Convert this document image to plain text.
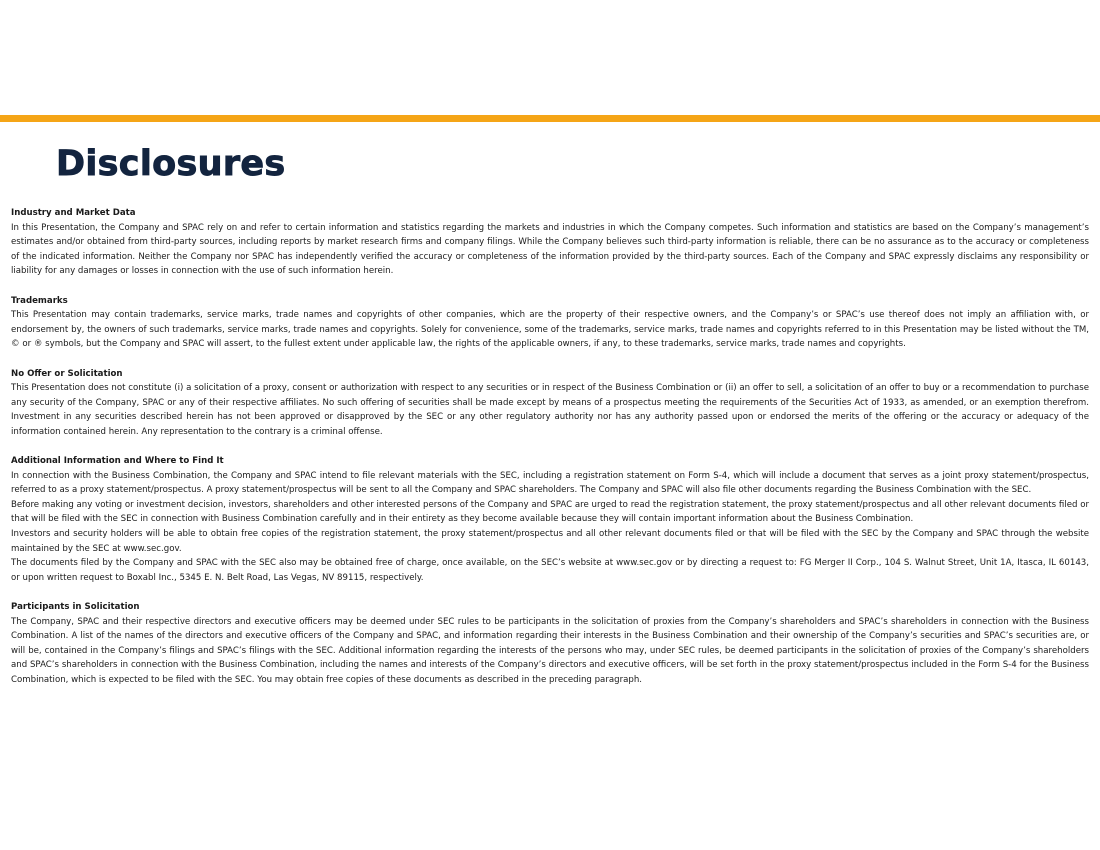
Disclosures

Industry and Market Data

In this Presentation, the Company and SPAC rely on and refer to certain information and statistics regarding the markets and industries in which the Company competes. Such information and statistics are based on the Company’s management’s estimates and/or obtained from third-party sources, including reports by market research firms and company filings. While the Company believes such third-party information is reliable, there can be no assurance as to the accuracy or completeness of the indicated information. Neither the Company nor SPAC has independently verified the accuracy or completeness of the information provided by the third-party sources. Each of the Company and SPAC expressly disclaims any responsibility or liability for any damages or losses in connection with the use of such information herein.

Trademarks

This Presentation may contain trademarks, service marks, trade names and copyrights of other companies, which are the property of their respective owners, and the Company’s or SPAC’s use thereof does not imply an affiliation with, or endorsement by, the owners of such trademarks, service marks, trade names and copyrights. Solely for convenience, some of the trademarks, service marks, trade names and copyrights referred to in this Presentation may be listed without the TM, © or ® symbols, but the Company and SPAC will assert, to the fullest extent under applicable law, the rights of the applicable owners, if any, to these trademarks, service marks, trade names and copyrights.

No Offer or Solicitation

This Presentation does not constitute (i) a solicitation of a proxy, consent or authorization with respect to any securities or in respect of the Business Combination or (ii) an offer to sell, a solicitation of an offer to buy or a recommendation to purchase any security of the Company, SPAC or any of their respective affiliates. No such offering of securities shall be made except by means of a prospectus meeting the requirements of the Securities Act of 1933, as amended, or an exemption therefrom. Investment in any securities described herein has not been approved or disapproved by the SEC or any other regulatory authority nor has any authority passed upon or endorsed the merits of the offering or the accuracy or adequacy of the information contained herein. Any representation to the contrary is a criminal offense.

Additional Information and Where to Find It

In connection with the Business Combination, the Company and SPAC intend to file relevant materials with the SEC, including a registration statement on Form S-4, which will include a document that serves as a joint proxy statement/prospectus, referred to as a proxy statement/prospectus. A proxy statement/prospectus will be sent to all the Company and SPAC shareholders. The Company and SPAC will also file other documents regarding the Business Combination with the SEC.

Before making any voting or investment decision, investors, shareholders and other interested persons of the Company and SPAC are urged to read the registration statement, the proxy statement/prospectus and all other relevant documents filed or that will be filed with the SEC in connection with Business Combination carefully and in their entirety as they become available because they will contain important information about the Business Combination.

Investors and security holders will be able to obtain free copies of the registration statement, the proxy statement/prospectus and all other relevant documents filed or that will be filed with the SEC by the Company and SPAC through the website maintained by the SEC at www.sec.gov.

The documents filed by the Company and SPAC with the SEC also may be obtained free of charge, once available, on the SEC’s website at www.sec.gov or by directing a request to: FG Merger II Corp., 104 S. Walnut Street, Unit 1A, Itasca, IL 60143, or upon written request to Boxabl Inc., 5345 E. N. Belt Road, Las Vegas, NV 89115, respectively.

Participants in Solicitation

The Company, SPAC and their respective directors and executive officers may be deemed under SEC rules to be participants in the solicitation of proxies from the Company’s shareholders and SPAC’s shareholders in connection with the Business Combination. A list of the names of the directors and executive officers of the Company and SPAC, and information regarding their interests in the Business Combination and their ownership of the Company’s securities and SPAC’s securities are, or will be, contained in the Company’s filings and SPAC’s filings with the SEC. Additional information regarding the interests of the persons who may, under SEC rules, be deemed participants in the solicitation of proxies of the Company’s shareholders and SPAC’s shareholders in connection with the Business Combination, including the names and interests of the Company’s directors and executive officers, will be set forth in the proxy statement/prospectus included in the Form S-4 for the Business Combination, which is expected to be filed with the SEC. You may obtain free copies of these documents as described in the preceding paragraph.
